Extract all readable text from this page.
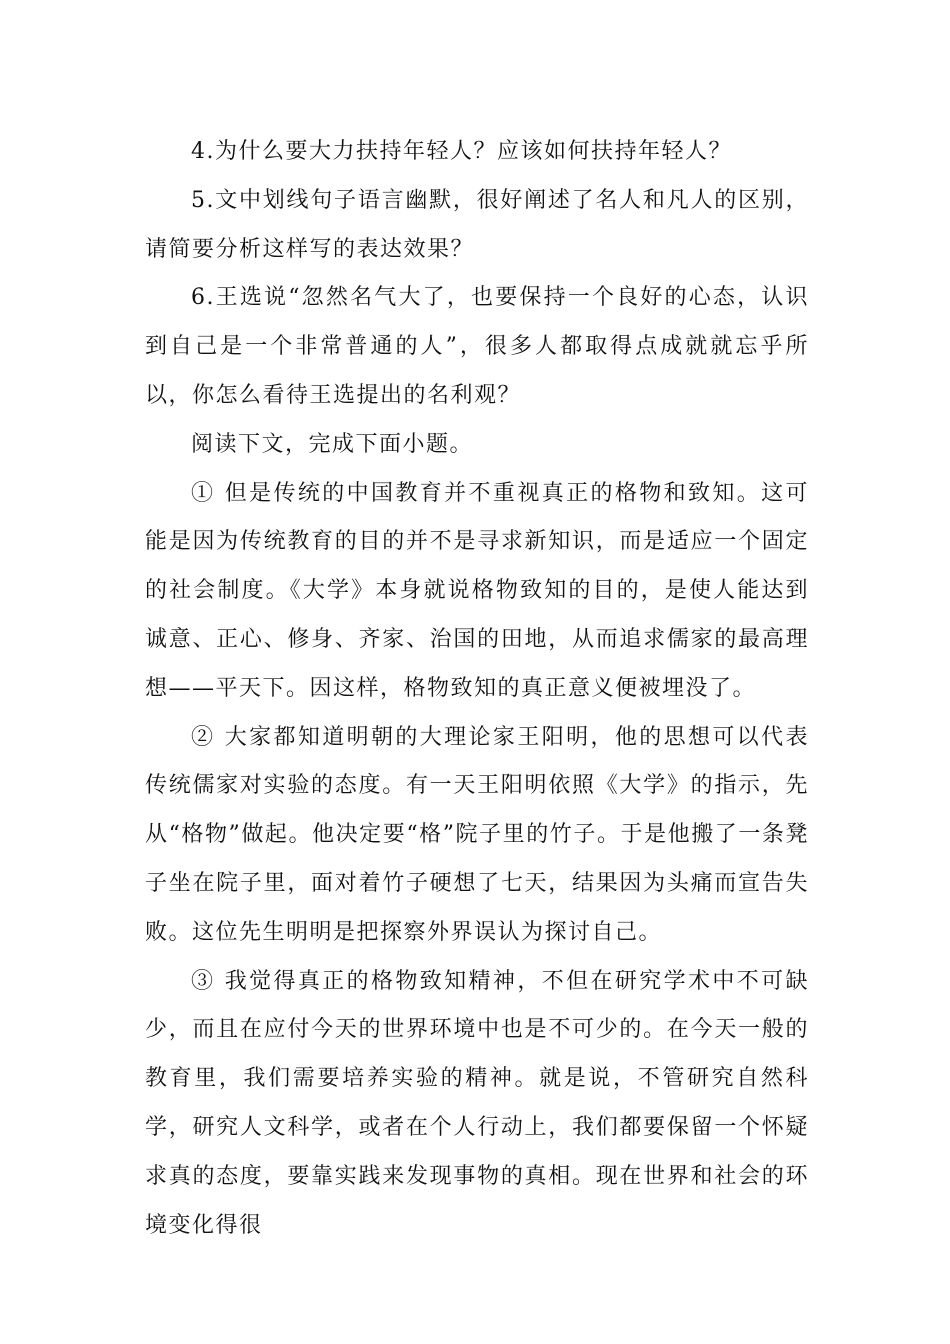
4.为什么要大力扶持年轻人？应该如何扶持年轻人？

5.文中划线句子语言幽默，很好阐述了名人和凡人的区别，请简要分析这样写的表达效果？

6.王选说“忽然名气大了，也要保持一个良好的心态，认识到自己是一个非常普通的人”，很多人都取得点成就就忘乎所以，你怎么看待王选提出的名利观？

阅读下文，完成下面小题。

① 但是传统的中国教育并不重视真正的格物和致知。这可能是因为传统教育的目的并不是寻求新知识，而是适应一个固定的社会制度。《大学》本身就说格物致知的目的，是使人能达到诚意、正心、修身、齐家、治国的田地，从而追求儒家的最高理想——平天下。因这样，格物致知的真正意义便被埋没了。

② 大家都知道明朝的大理论家王阳明，他的思想可以代表传统儒家对实验的态度。有一天王阳明依照《大学》的指示，先从“格物”做起。他决定要“格”院子里的竹子。于是他搬了一条凳子坐在院子里，面对着竹子硬想了七天，结果因为头痛而宣告失败。这位先生明明是把探察外界误认为探讨自己。

③ 我觉得真正的格物致知精神，不但在研究学术中不可缺少，而且在应付今天的世界环境中也是不可少的。在今天一般的教育里，我们需要培养实验的精神。就是说，不管研究自然科学，研究人文科学，或者在个人行动上，我们都要保留一个怀疑求真的态度，要靠实践来发现事物的真相。现在世界和社会的环境变化得很
